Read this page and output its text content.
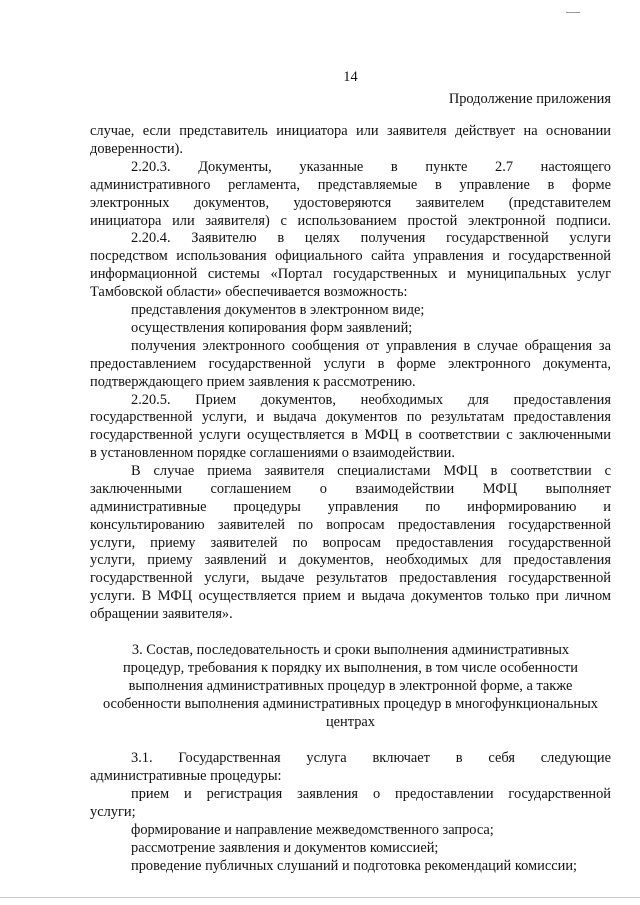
14
Продолжение приложения
случае, если представитель инициатора или заявителя действует на основании
доверенности).
2.20.3. Документы, указанные в пункте 2.7 настоящего
административного регламента, представляемые в управление в форме
электронных документов, удостоверяются заявителем (представителем
инициатора или заявителя) с использованием простой электронной подписи.
2.20.4. Заявителю в целях получения государственной услуги
посредством использования официального сайта управления и государственной
информационной системы «Портал государственных и муниципальных услуг
Тамбовской области» обеспечивается возможность:
представления документов в электронном виде;
осуществления копирования форм заявлений;
получения электронного сообщения от управления в случае обращения за
предоставлением государственной услуги в форме электронного документа,
подтверждающего прием заявления к рассмотрению.
2.20.5. Прием документов, необходимых для предоставления
государственной услуги, и выдача документов по результатам предоставления
государственной услуги осуществляется в МФЦ в соответствии с заключенными
в установленном порядке соглашениями о взаимодействии.
В случае приема заявителя специалистами МФЦ в соответствии с
заключенными соглашением о взаимодействии МФЦ выполняет
административные процедуры управления по информированию и
консультированию заявителей по вопросам предоставления государственной
услуги, приему заявителей по вопросам предоставления государственной
услуги, приему заявлений и документов, необходимых для предоставления
государственной услуги, выдаче результатов предоставления государственной
услуги. В МФЦ осуществляется прием и выдача документов только при личном
обращении заявителя».
3. Состав, последовательность и сроки выполнения административных
процедур, требования к порядку их выполнения, в том числе особенности
выполнения административных процедур в электронной форме, а также
особенности выполнения административных процедур в многофункциональных
центрах
3.1. Государственная услуга включает в себя следующие
административные процедуры:
прием и регистрация заявления о предоставлении государственной
услуги;
формирование и направление межведомственного запроса;
рассмотрение заявления и документов комиссией;
проведение публичных слушаний и подготовка рекомендаций комиссии;
